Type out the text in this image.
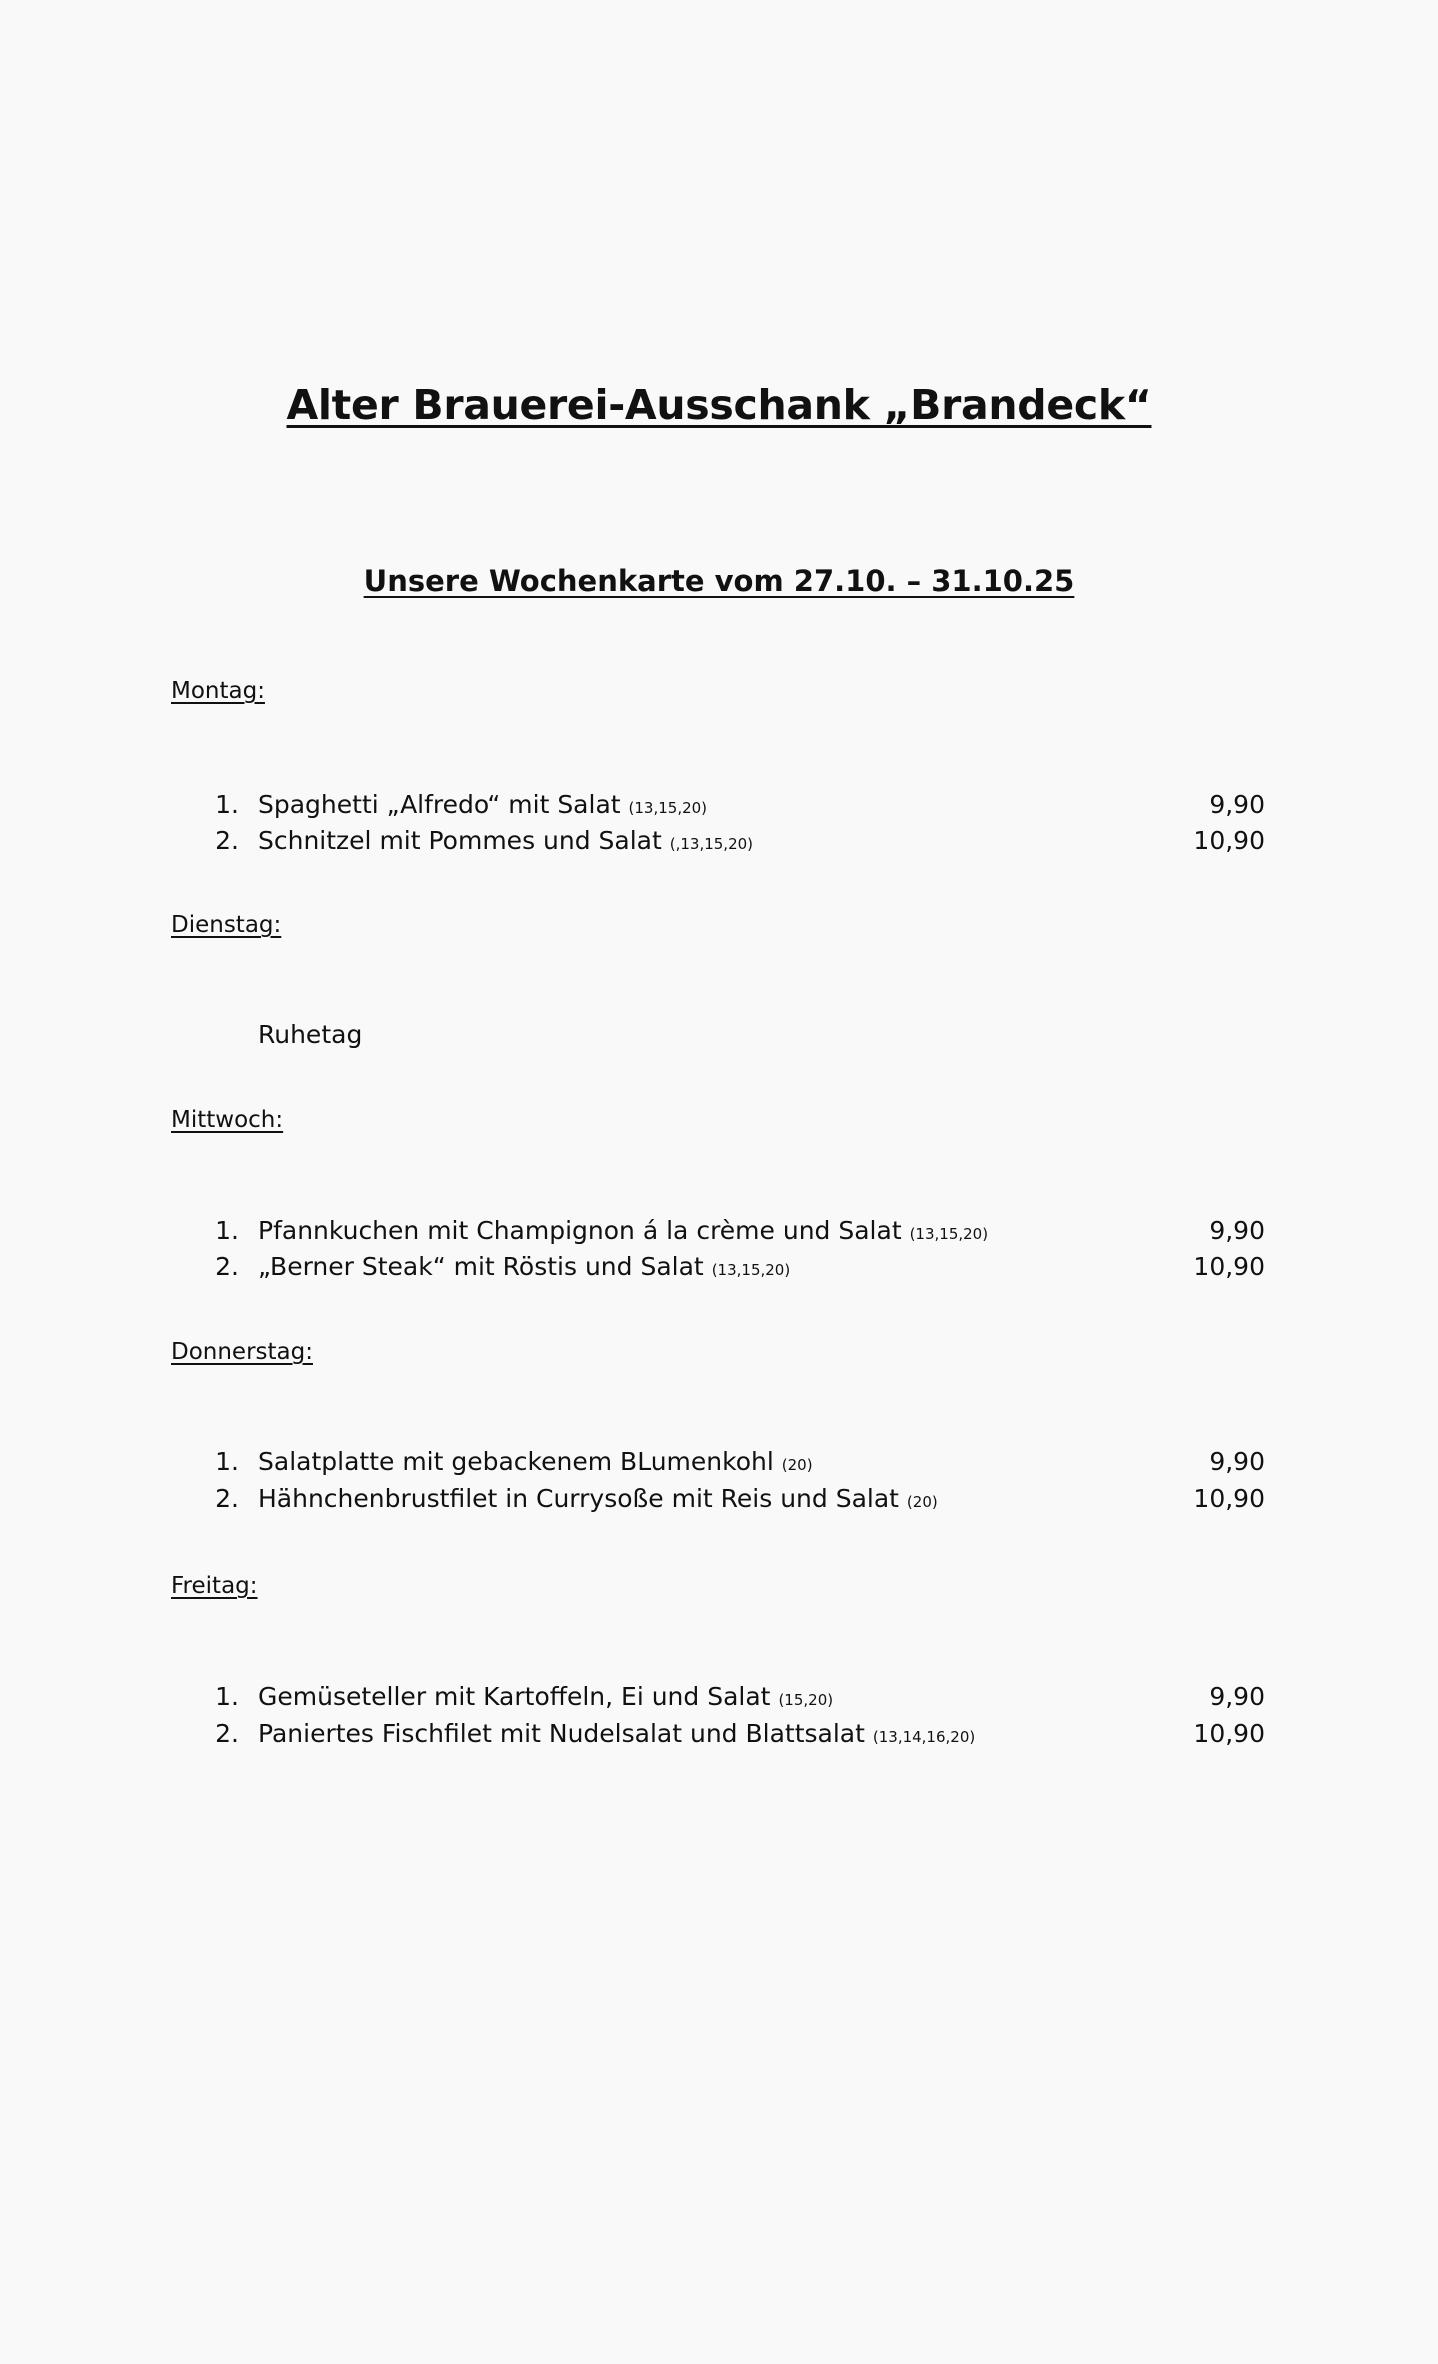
Alter Brauerei-Ausschank „Brandeck“
Unsere Wochenkarte vom 27.10. – 31.10.25
Montag:
1. Spaghetti „Alfredo“ mit Salat (13,15,20)	9,90
2. Schnitzel mit Pommes und Salat (,13,15,20)	10,90
Dienstag:
Ruhetag
Mittwoch:
1. Pfannkuchen mit Champignon á la crème und Salat (13,15,20)	9,90
2. „Berner Steak“ mit Röstis und Salat (13,15,20)	10,90
Donnerstag:
1. Salatplatte mit gebackenem BLumenkohl (20)	9,90
2. Hähnchenbrustfilet in Currysoße mit Reis und Salat (20)	10,90
Freitag:
1. Gemüseteller mit Kartoffeln, Ei und Salat (15,20)	9,90
2. Paniertes Fischfilet mit Nudelsalat und Blattsalat (13,14,16,20)	10,90
